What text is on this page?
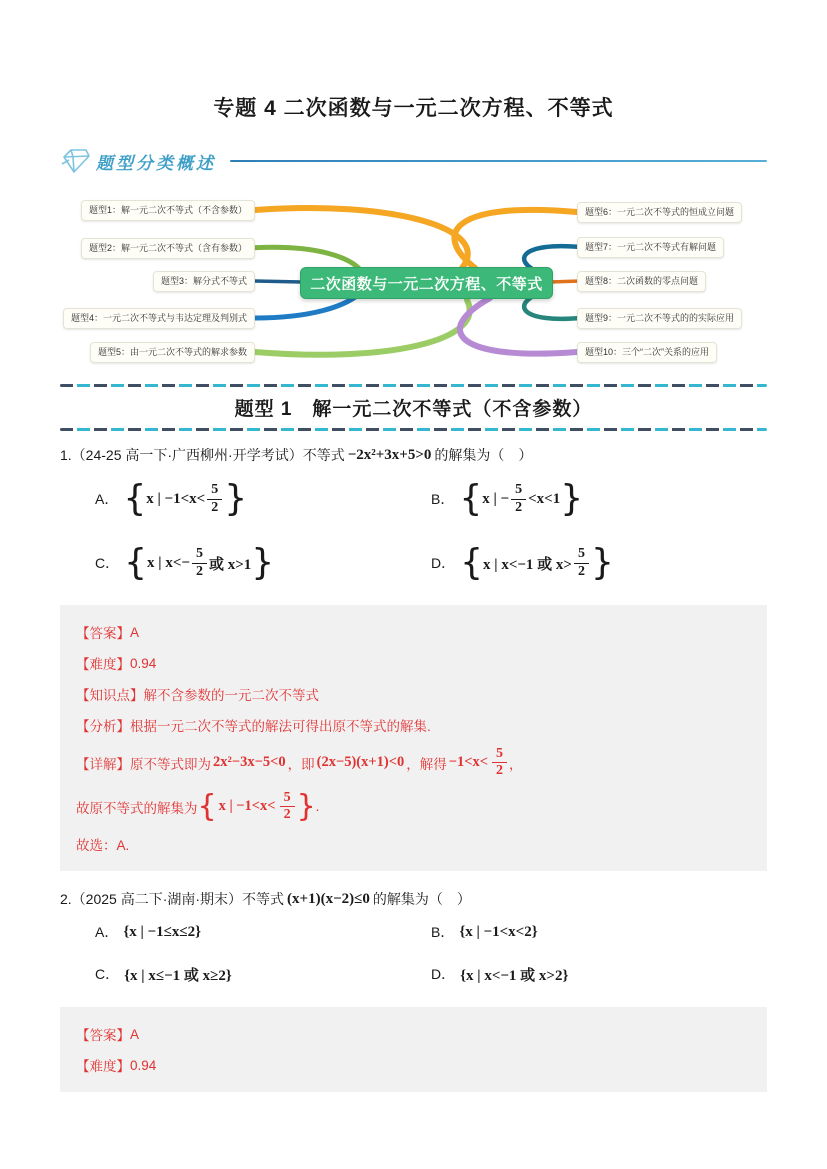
专题 4 二次函数与一元二次方程、不等式
题型分类概述
题型1：解一元二次不等式（不含参数）
题型2：解一元二次不等式（含有参数）
题型3：解分式不等式
题型4：一元二次不等式与韦达定理及判别式
题型5：由一元二次不等式的解求参数
题型6：一元二次不等式的恒成立问题
题型7：一元二次不等式有解问题
题型8：二次函数的零点问题
题型9：一元二次不等式的的实际应用
题型10：三个“二次”关系的应用
二次函数与一元二次方程、不等式
题型 1　解一元二次不等式（不含参数）
1.（24-25 高一下·广西柳州·开学考试）不等式 −2x²+3x+5>0 的解集为（　）
A． { x | $-1<x< \frac{5}{2}$ }	B． { x | − $\frac{5}{2} <x<1$ }
C． { x | $x<- \frac{5}{2}$ 或 x>1 }	D． { x | x<−1 或 $x> \frac{5}{2}$ }
【答案】 A
【难度】 0.94
【知识点】 解不含参数的一元二次不等式
【分析】 根据一元二次不等式的解法可得出原不等式的解集.
【详解】 原不等式即为 2x²−3x−5<0 ，即 (2x−5)(x+1)<0 ，解得 $-1<x< \frac{5}{2}$ ，
故原不等式的解集为 { x | $-1<x< \frac{5}{2}$ } .
故选：A.
2.（2025 高二下·湖南·期末）不等式 (x+1)(x−2)≤0 的解集为（　）
A． {x | −1≤x≤2}	B． {x | −1<x<2}
C． {x | x≤−1 或 x≥2}	D． {x | x<−1 或 x>2}
【答案】 A
【难度】 0.94
